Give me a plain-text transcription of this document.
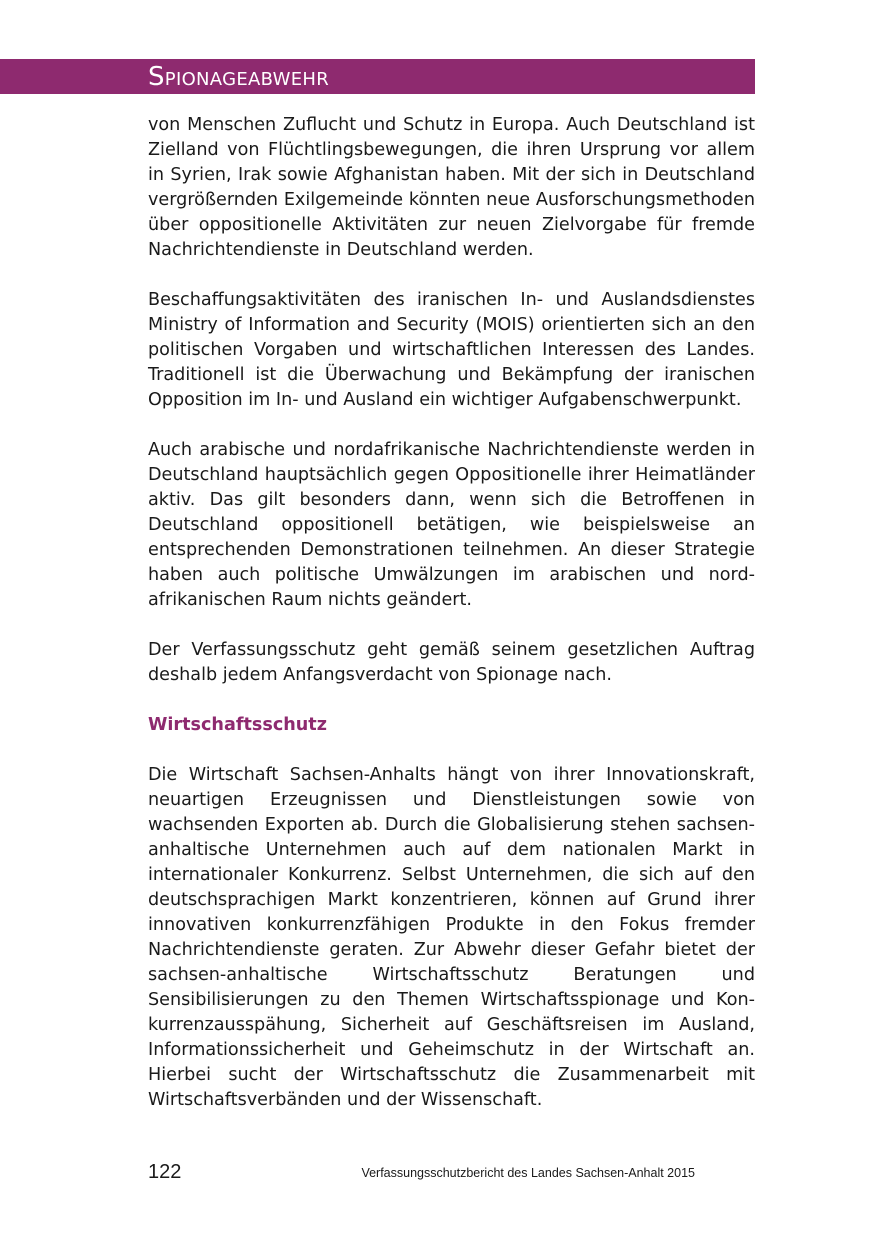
Spionageabwehr

von Menschen Zuflucht und Schutz in Europa. Auch Deutschland ist Zielland von Flüchtlingsbewegungen, die ihren Ursprung vor allem in Syrien, Irak sowie Afghanistan haben. Mit der sich in Deutschland vergrößernden Exilgemeinde könnten neue Ausforschungsmethoden über oppositionelle Aktivitäten zur neuen Zielvorgabe für fremde Nachrichtendienste in Deutschland werden.

Beschaffungsaktivitäten des iranischen In- und Auslandsdienstes Ministry of Information and Security (MOIS) orientierten sich an den politischen Vorgaben und wirtschaftlichen Interessen des Landes. Traditionell ist die Überwachung und Bekämpfung der iranischen Opposition im In- und Ausland ein wichtiger Aufgabenschwerpunkt.

Auch arabische und nordafrikanische Nachrichtendienste werden in Deutschland hauptsächlich gegen Oppositionelle ihrer Heimatländer aktiv. Das gilt besonders dann, wenn sich die Betroffenen in Deutschland oppositionell betätigen, wie beispielsweise an entsprechenden Demonstrationen teilnehmen. An dieser Strategie haben auch politische Umwälzungen im arabischen und nordafrikanischen Raum nichts geändert.

Der Verfassungsschutz geht gemäß seinem gesetzlichen Auftrag deshalb jedem Anfangsverdacht von Spionage nach.

Wirtschaftsschutz

Die Wirtschaft Sachsen-Anhalts hängt von ihrer Innovationskraft, neuartigen Erzeugnissen und Dienstleistungen sowie von wachsenden Exporten ab. Durch die Globalisierung stehen sachsen-anhaltische Unternehmen auch auf dem nationalen Markt in internationaler Konkurrenz. Selbst Unternehmen, die sich auf den deutschsprachigen Markt konzentrieren, können auf Grund ihrer innovativen konkurrenzfähigen Produkte in den Fokus fremder Nachrichtendienste geraten. Zur Abwehr dieser Gefahr bietet der sachsen-anhaltische Wirtschaftsschutz Beratungen und Sensibilisierungen zu den Themen Wirtschaftsspionage und Konkurrenzausspähung, Sicherheit auf Geschäftsreisen im Ausland, Informationssicherheit und Geheimschutz in der Wirtschaft an. Hierbei sucht der Wirtschaftsschutz die Zusammenarbeit mit Wirtschaftsverbänden und der Wissenschaft.

122	Verfassungsschutzbericht des Landes Sachsen-Anhalt 2015
